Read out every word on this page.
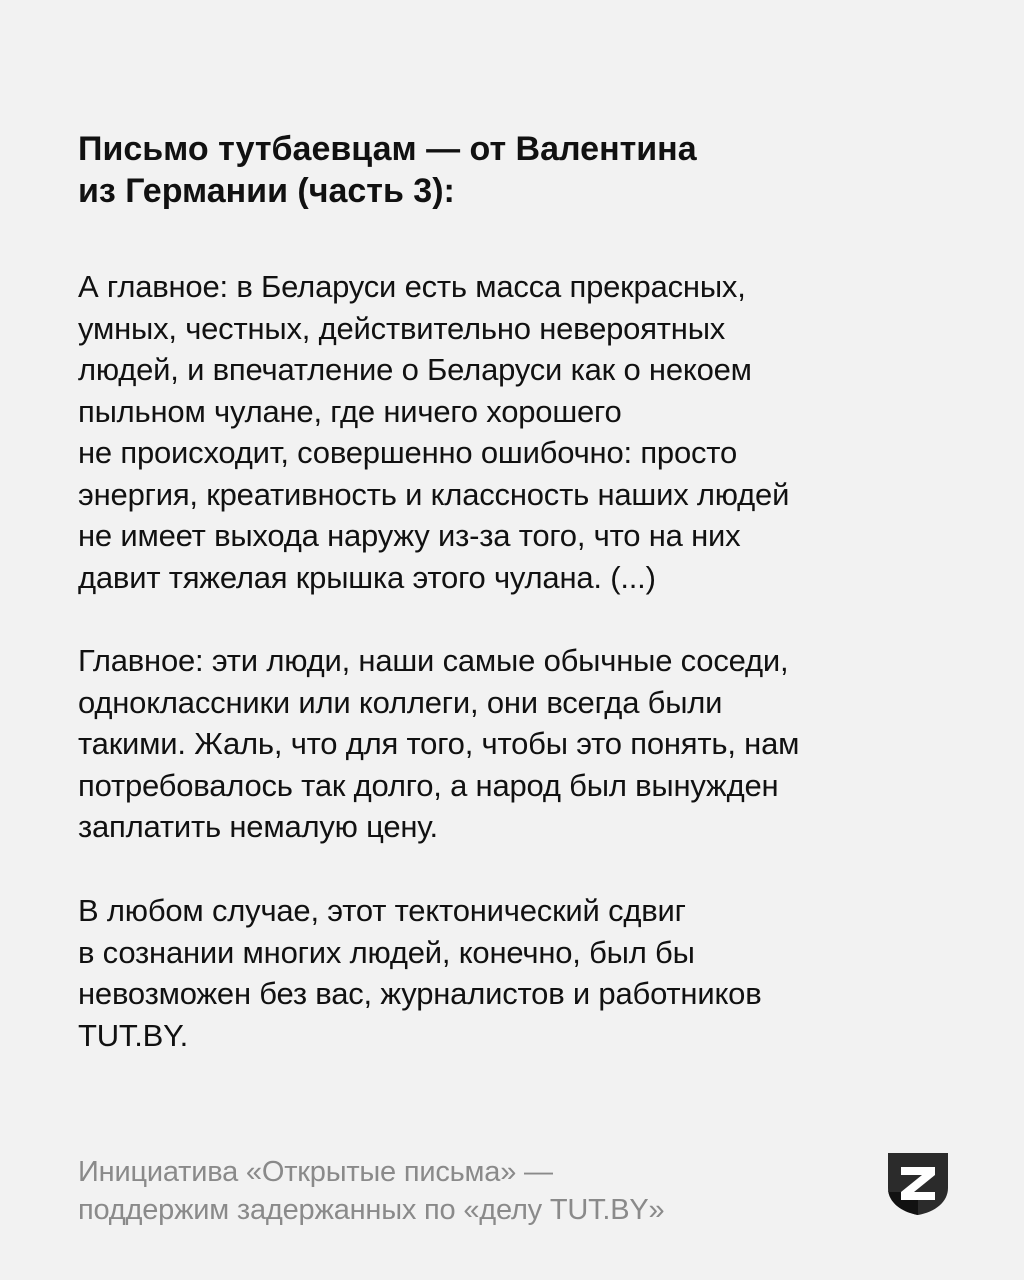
Письмо тутбаевцам — от Валентина
из Германии (часть 3):

А главное: в Беларуси есть масса прекрасных,
умных, честных, действительно невероятных
людей, и впечатление о Беларуси как о некоем
пыльном чулане, где ничего хорошего
не происходит, совершенно ошибочно: просто
энергия, креативность и классность наших людей
не имеет выхода наружу из-за того, что на них
давит тяжелая крышка этого чулана. (...)

Главное: эти люди, наши самые обычные соседи,
одноклассники или коллеги, они всегда были
такими. Жаль, что для того, чтобы это понять, нам
потребовалось так долго, а народ был вынужден
заплатить немалую цену.

В любом случае, этот тектонический сдвиг
в сознании многих людей, конечно, был бы
невозможен без вас, журналистов и работников
TUT.BY.

Инициатива «Открытые письма» —
поддержим задержанных по «делу TUT.BY»
